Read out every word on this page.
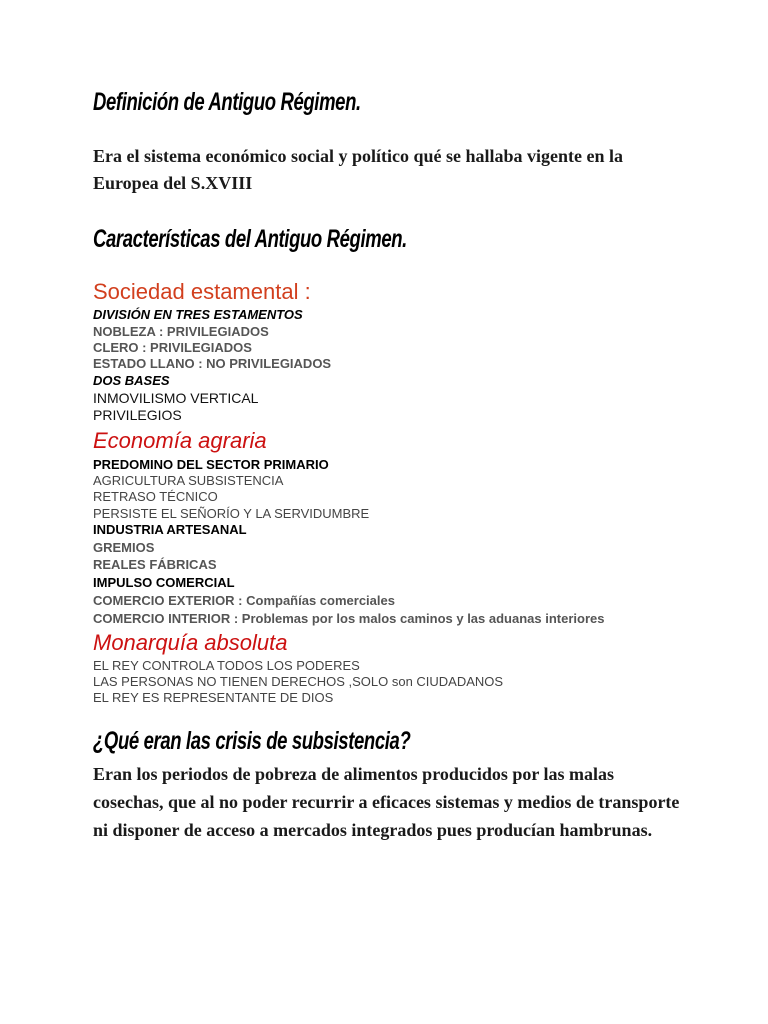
Definición de Antiguo Régimen.

Era el sistema económico social y político qué se hallaba vigente en la Europea del S.XVIII

Características del Antiguo Régimen.
Sociedad estamental :

DIVISIÓN EN TRES ESTAMENTOS

NOBLEZA : PRIVILEGIADOS

CLERO : PRIVILEGIADOS

ESTADO LLANO : NO PRIVILEGIADOS

DOS BASES

INMOVILISMO VERTICAL

PRIVILEGIOS

Economía agraria

PREDOMINO DEL SECTOR PRIMARIO

AGRICULTURA SUBSISTENCIA

RETRASO TÉCNICO

PERSISTE EL SEÑORÍO Y LA SERVIDUMBRE

INDUSTRIA ARTESANAL

GREMIOS

REALES FÁBRICAS

IMPULSO COMERCIAL

COMERCIO EXTERIOR : Compañías comerciales

COMERCIO INTERIOR : Problemas por los malos caminos y las aduanas interiores

Monarquía absoluta

EL REY CONTROLA TODOS LOS PODERES

LAS PERSONAS NO TIENEN DERECHOS ,SOLO son CIUDADANOS

EL REY ES REPRESENTANTE DE DIOS

¿Qué eran las crisis de subsistencia?

Eran los periodos de pobreza de alimentos producidos por las malas cosechas, que al no poder recurrir a eficaces sistemas y medios de transporte ni disponer de acceso a mercados integrados pues producían hambrunas.
